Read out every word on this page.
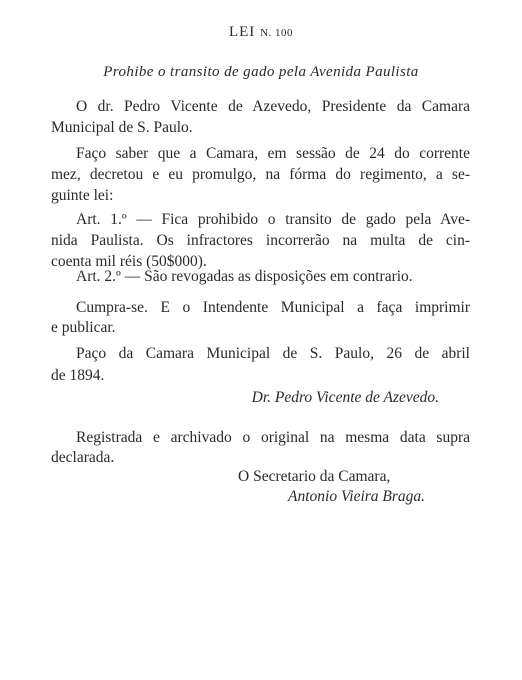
LEI N. 100
Prohibe o transito de gado pela Avenida Paulista
O dr. Pedro Vicente de Azevedo, Presidente da Camara
Municipal de S. Paulo.
Faço saber que a Camara, em sessão de 24 do corrente
mez, decretou e eu promulgo, na fórma do regimento, a se-
guinte lei:
Art. 1.º — Fica prohibido o transito de gado pela Ave-
nida Paulista. Os infractores incorrerão na multa de cin-
coenta mil réis (50$000).
Art. 2.º — São revogadas as disposições em contrario.
Cumpra-se. E o Intendente Municipal a faça imprimir
e publicar.
Paço da Camara Municipal de S. Paulo, 26 de abril
de 1894.
Dr. Pedro Vicente de Azevedo.
Registrada e archivado o original na mesma data supra
declarada.
O Secretario da Camara,
Antonio Vieira Braga.
